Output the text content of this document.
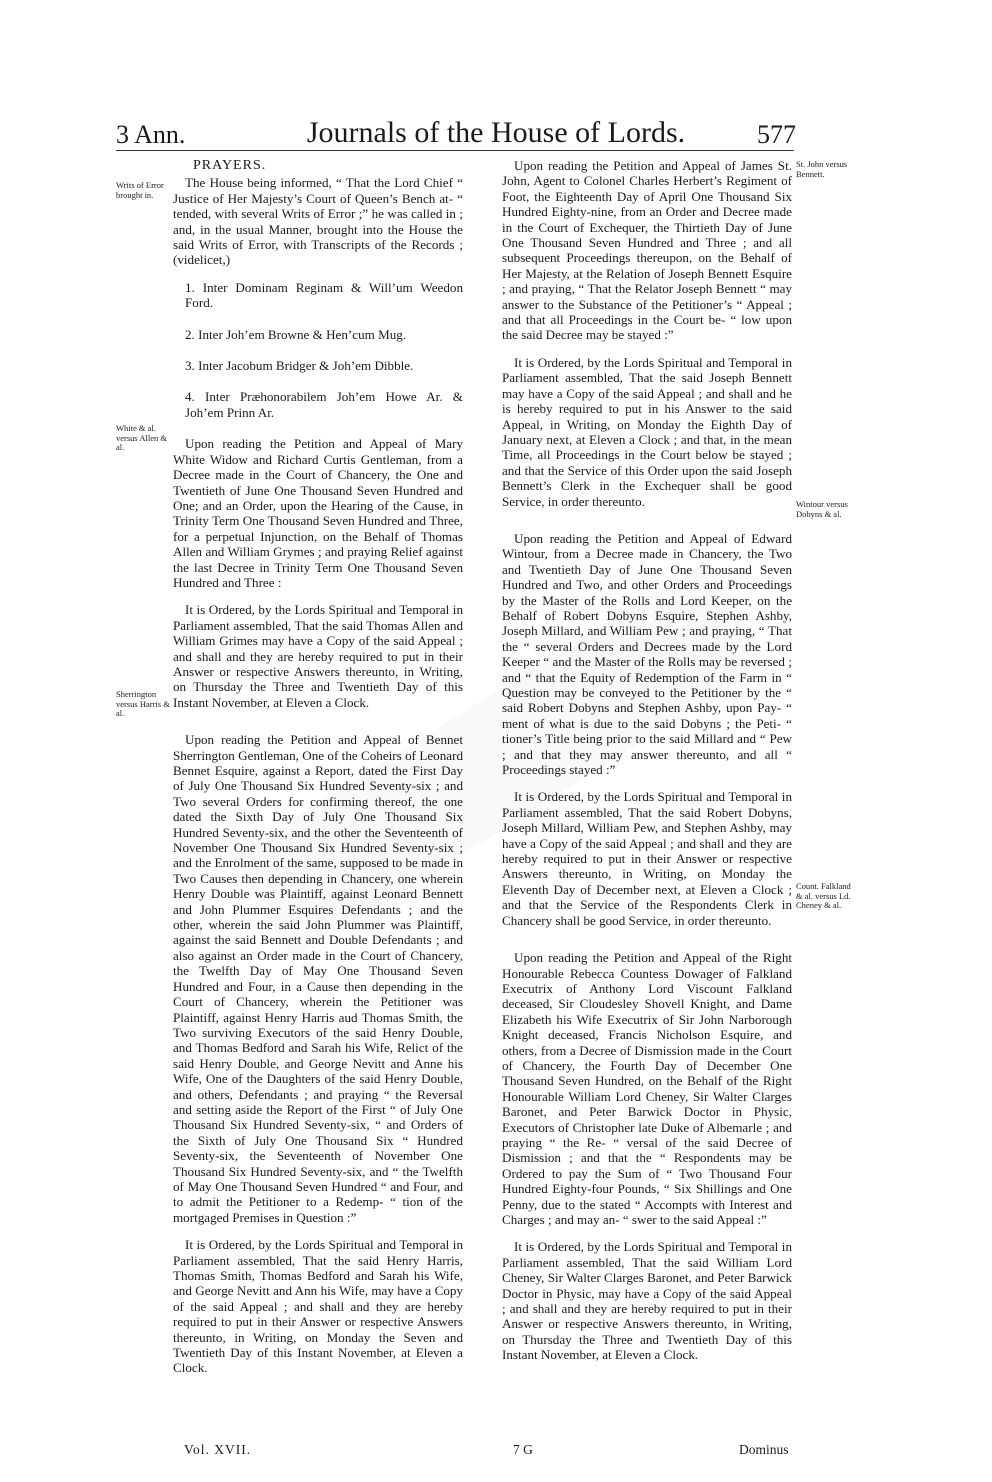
3 Ann.	Journals of the House of Lords.	577
Writs of Error brought in.
White & al. versus Allen & al.
Sherrington versus Harris & al.
St. John versus Bennett.
Wintour versus Dobyns & al.
Count. Falkland & al. versus Ld. Cheney & al.
PRAYERS.

The House being informed, “ That the Lord Chief “ Justice of Her Majesty’s Court of Queen’s Bench at- “ tended, with several Writs of Error ;” he was called in ; and, in the usual Manner, brought into the House the said Writs of Error, with Transcripts of the Records ; (videlicet,)

1. Inter Dominam Reginam & Will’um Weedon Ford.

2. Inter Joh’em Browne & Hen’cum Mug.

3. Inter Jacobum Bridger & Joh’em Dibble.

4. Inter Præhonorabilem Joh’em Howe Ar. & Joh’em Prinn Ar.

Upon reading the Petition and Appeal of Mary White Widow and Richard Curtis Gentleman, from a Decree made in the Court of Chancery, the One and Twentieth of June One Thousand Seven Hundred and One; and an Order, upon the Hearing of the Cause, in Trinity Term One Thousand Seven Hundred and Three, for a perpetual Injunction, on the Behalf of Thomas Allen and William Grymes ; and praying Relief against the last Decree in Trinity Term One Thousand Seven Hundred and Three :

It is Ordered, by the Lords Spiritual and Temporal in Parliament assembled, That the said Thomas Allen and William Grimes may have a Copy of the said Appeal ; and shall and they are hereby required to put in their Answer or respective Answers thereunto, in Writing, on Thursday the Three and Twentieth Day of this Instant November, at Eleven a Clock.

Upon reading the Petition and Appeal of Bennet Sherrington Gentleman, One of the Coheirs of Leonard Bennet Esquire, against a Report, dated the First Day of July One Thousand Six Hundred Seventy-six ; and Two several Orders for confirming thereof, the one dated the Sixth Day of July One Thousand Six Hundred Seventy-six, and the other the Seventeenth of November One Thousand Six Hundred Seventy-six ; and the Enrolment of the same, supposed to be made in Two Causes then depending in Chancery, one wherein Henry Double was Plaintiff, against Leonard Bennett and John Plummer Esquires Defendants ; and the other, wherein the said John Plummer was Plaintiff, against the said Bennett and Double Defendants ; and also against an Order made in the Court of Chancery, the Twelfth Day of May One Thousand Seven Hundred and Four, in a Cause then depending in the Court of Chancery, wherein the Petitioner was Plaintiff, against Henry Harris aud Thomas Smith, the Two surviving Executors of the said Henry Double, and Thomas Bedford and Sarah his Wife, Relict of the said Henry Double, and George Nevitt and Anne his Wife, One of the Daughters of the said Henry Double, and others, Defendants ; and praying “ the Reversal and setting aside the Report of the First “ of July One Thousand Six Hundred Seventy-six, “ and Orders of the Sixth of July One Thousand Six “ Hundred Seventy-six, the Seventeenth of November One Thousand Six Hundred Seventy-six, and “ the Twelfth of May One Thousand Seven Hundred “ and Four, and to admit the Petitioner to a Redemp- “ tion of the mortgaged Premises in Question :”

It is Ordered, by the Lords Spiritual and Temporal in Parliament assembled, That the said Henry Harris, Thomas Smith, Thomas Bedford and Sarah his Wife, and George Nevitt and Ann his Wife, may have a Copy of the said Appeal ; and shall and they are hereby required to put in their Answer or respective Answers thereunto, in Writing, on Monday the Seven and Twentieth Day of this Instant November, at Eleven a Clock.

Upon reading the Petition and Appeal of James St. John, Agent to Colonel Charles Herbert’s Regiment of Foot, the Eighteenth Day of April One Thousand Six Hundred Eighty-nine, from an Order and Decree made in the Court of Exchequer, the Thirtieth Day of June One Thousand Seven Hundred and Three ; and all subsequent Proceedings thereupon, on the Behalf of Her Majesty, at the Relation of Joseph Bennett Esquire ; and praying, “ That the Relator Joseph Bennett “ may answer to the Substance of the Petitioner’s “ Appeal ; and that all Proceedings in the Court be- “ low upon the said Decree may be stayed :”

It is Ordered, by the Lords Spiritual and Temporal in Parliament assembled, That the said Joseph Bennett may have a Copy of the said Appeal ; and shall and he is hereby required to put in his Answer to the said Appeal, in Writing, on Monday the Eighth Day of January next, at Eleven a Clock ; and that, in the mean Time, all Proceedings in the Court below be stayed ; and that the Service of this Order upon the said Joseph Bennett’s Clerk in the Exchequer shall be good Service, in order thereunto.

Upon reading the Petition and Appeal of Edward Wintour, from a Decree made in Chancery, the Two and Twentieth Day of June One Thousand Seven Hundred and Two, and other Orders and Proceedings by the Master of the Rolls and Lord Keeper, on the Behalf of Robert Dobyns Esquire, Stephen Ashby, Joseph Millard, and William Pew ; and praying, “ That the “ several Orders and Decrees made by the Lord Keeper “ and the Master of the Rolls may be reversed ; and “ that the Equity of Redemption of the Farm in “ Question may be conveyed to the Petitioner by the “ said Robert Dobyns and Stephen Ashby, upon Pay- “ ment of what is due to the said Dobyns ; the Peti- “ tioner’s Title being prior to the said Millard and “ Pew ; and that they may answer thereunto, and all “ Proceedings stayed :”

It is Ordered, by the Lords Spiritual and Temporal in Parliament assembled, That the said Robert Dobyns, Joseph Millard, William Pew, and Stephen Ashby, may have a Copy of the said Appeal ; and shall and they are hereby required to put in their Answer or respective Answers thereunto, in Writing, on Monday the Eleventh Day of December next, at Eleven a Clock ; and that the Service of the Respondents Clerk in Chancery shall be good Service, in order thereunto.

Upon reading the Petition and Appeal of the Right Honourable Rebecca Countess Dowager of Falkland Executrix of Anthony Lord Viscount Falkland deceased, Sir Cloudesley Shovell Knight, and Dame Elizabeth his Wife Executrix of Sir John Narborough Knight deceased, Francis Nicholson Esquire, and others, from a Decree of Dismission made in the Court of Chancery, the Fourth Day of December One Thousand Seven Hundred, on the Behalf of the Right Honourable William Lord Cheney, Sir Walter Clarges Baronet, and Peter Barwick Doctor in Physic, Executors of Christopher late Duke of Albemarle ; and praying “ the Re- “ versal of the said Decree of Dismission ; and that the “ Respondents may be Ordered to pay the Sum of “ Two Thousand Four Hundred Eighty-four Pounds, “ Six Shillings and One Penny, due to the stated “ Accompts with Interest and Charges ; and may an- “ swer to the said Appeal :”

It is Ordered, by the Lords Spiritual and Temporal in Parliament assembled, That the said William Lord Cheney, Sir Walter Clarges Baronet, and Peter Barwick Doctor in Physic, may have a Copy of the said Appeal ; and shall and they are hereby required to put in their Answer or respective Answers thereunto, in Writing, on Thursday the Three and Twentieth Day of this Instant November, at Eleven a Clock.

Vol. XVII.	7 G	Dominus
